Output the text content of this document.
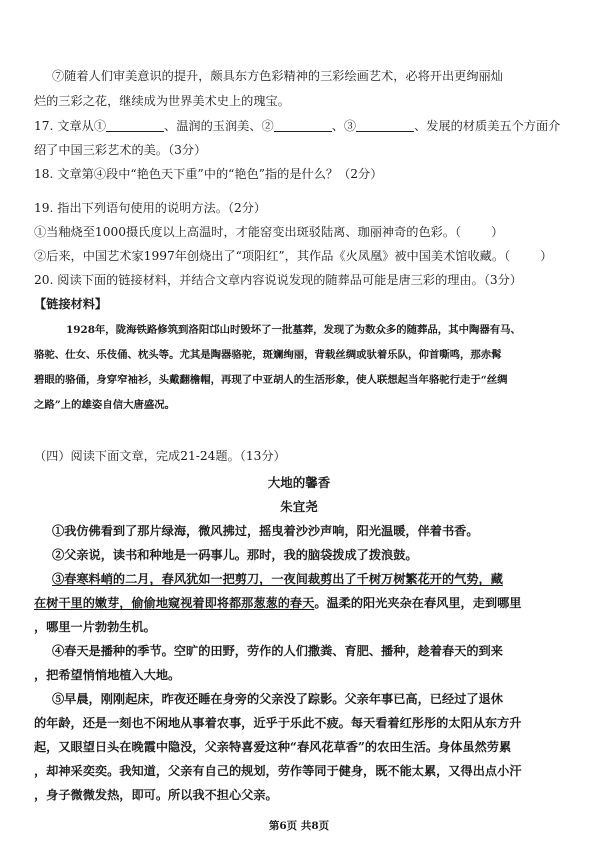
⑦随着人们审美意识的提升，颇具东方色彩精神的三彩绘画艺术，必将开出更绚丽灿
烂的三彩之花，继续成为世界美术史上的瑰宝。
17. 文章从①	、温润的玉润美、②	、③	、发展的材质美五个方面介
绍了中国三彩艺术的美。（3分）
18. 文章第④段中“艳色天下重”中的“艳色”指的是什么？（2分）
19. 指出下列语句使用的说明方法。（2分）
①当釉烧至1000摄氏度以上高温时，才能窑变出斑驳陆离、珈丽神奇的色彩。（ ）
②后来，中国艺术家1997年创烧出了“项阳红”，其作品《火凤凰》被中国美术馆收藏。（ ）
20. 阅读下面的链接材料，并结合文章内容说说发现的随葬品可能是唐三彩的理由。（3分）
【链接材料】
1928年，陇海铁路修筑到洛阳邙山时毁坏了一批墓葬，发现了为数众多的随葬品，其中陶器有马、
骆驼、仕女、乐伎俑、枕头等。尤其是陶器骆驼，斑斓绚丽，背载丝绸或驮着乐队，仰首嘶鸣，那赤髯
碧眼的骆俑，身穿窄袖衫，头戴翻檐帽，再现了中亚胡人的生活形象，使人联想起当年骆驼行走于“丝绸
之路”上的雄姿自信大唐盛况。
（四）阅读下面文章，完成21-24题。（13分）
大地的馨香
朱宜尧
①我仿佛看到了那片绿海，微风拂过，摇曳着沙沙声响，阳光温暖，伴着书香。
②父亲说，读书和种地是一码事儿。那时，我的脑袋拨成了拨浪鼓。
③春寒料峭的二月，春风犹如一把剪刀，一夜间裁剪出了千树万树繁花开的气势，藏
在树干里的嫩芽，偷偷地窥视着即将都那葱葱的春天。温柔的阳光夹杂在春风里，走到哪里
，哪里一片勃勃生机。
④春天是播种的季节。空旷的田野，劳作的人们撒粪、育肥、播种，趁着春天的到来
，把希望悄悄地植入大地。
⑤早晨，刚刚起床，昨夜还睡在身旁的父亲没了踪影。父亲年事已高，已经过了退休
的年龄，还是一刻也不闲地从事着农事，近乎于乐此不疲。每天看着红彤彤的太阳从东方升
起，又眼望日头在晚霞中隐没，父亲特喜爱这种“春风花草香”的农田生活。身体虽然劳累
，却神采奕奕。我知道，父亲有自己的规划，劳作等同于健身，既不能太累，又得出点小汗
，身子微微发热，即可。所以我不担心父亲。
第6页 共8页
